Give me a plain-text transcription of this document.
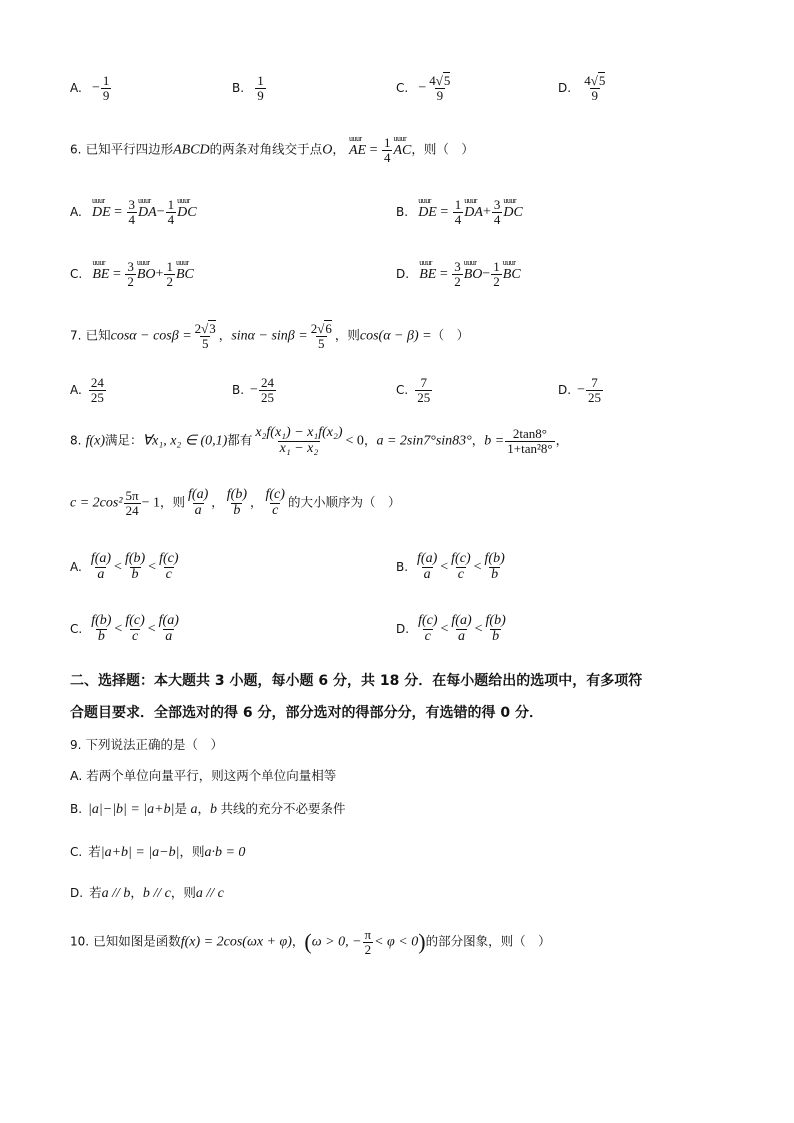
A. − $\frac{1}{9}$	B. $\frac{1}{9}$	C. − $\frac{4√5}{9}$	D. $\frac{4√5}{9}$
6. 已知平行四边形ABCD的两条对角线交于点O， uuur AE = $\frac{1}{4}$ uuur AC，则（　）
A. uuur DE = $\frac{3}{4}$ uuur $DA- \frac{1}{4}$ uuur DC	B. uuur DE = $\frac{1}{4}$ uuur $DA+ \frac{3}{4}$ uuur DC
C. uuur BE = $\frac{3}{2}$ uuur $BO+ \frac{1}{2}$ uuur BC	D. uuur BE = $\frac{3}{2}$ uuur $BO- \frac{1}{2}$ uuur BC
7. 已知$\cos\alpha - \cos\beta = \frac{2√3}{5}$ ，$\sin\alpha - \sin\beta = \frac{2√6}{5}$ ，则cos(α − β) =（　）
A. $\frac{24}{25}$	B. − $\frac{24}{25}$	C. $\frac{7}{25}$	D. − $\frac{7}{25}$
8. f(x)满足：∀x₁, x₂ ∈ (0,1)都有 $\frac{\text{x₂f(x₁) − x₁f(x₂)}}{\text{x₁ − x₂}} < 0$，a = 2sin7°sin83°，$b = \frac{2\tan 8^\circ}{\text{1+tan²8°}}$ ，
$c = 2\cos^2 \frac{5\pi}{24} - 1$，则 $\frac{f(a)}{a}$ ， $\frac{f(b)}{b}$ ， $\frac{f(c)}{c}$ 的大小顺序为（　）
A. $\frac{f(a)}{a} < \frac{f(b)}{b} < \frac{f(c)}{c}$	B. $\frac{f(a)}{a} < \frac{f(c)}{c} < \frac{f(b)}{b}$
C. $\frac{f(b)}{b} < \frac{f(c)}{c} < \frac{f(a)}{a}$	D. $\frac{f(c)}{c} < \frac{f(a)}{a} < \frac{f(b)}{b}$
二、选择题：本大题共 3 小题，每小题 6 分，共 18 分．在每小题给出的选项中，有多项符
合题目要求．全部选对的得 6 分，部分选对的得部分分，有选错的得 0 分．
9. 下列说法正确的是（　）
A. 若两个单位向量平行，则这两个单位向量相等
B. |a|−|b| = |a+b|是 a，b 共线的充分不必要条件
C. 若|a+b| = |a−b|，则a·b = 0
D. 若a // b，b // c，则a // c
10. 已知如图是函数f(x) = 2cos(ωx + φ)，(ω > 0, − $\frac{\pi}{2} < \varphi < 0$)的部分图象，则（　）
